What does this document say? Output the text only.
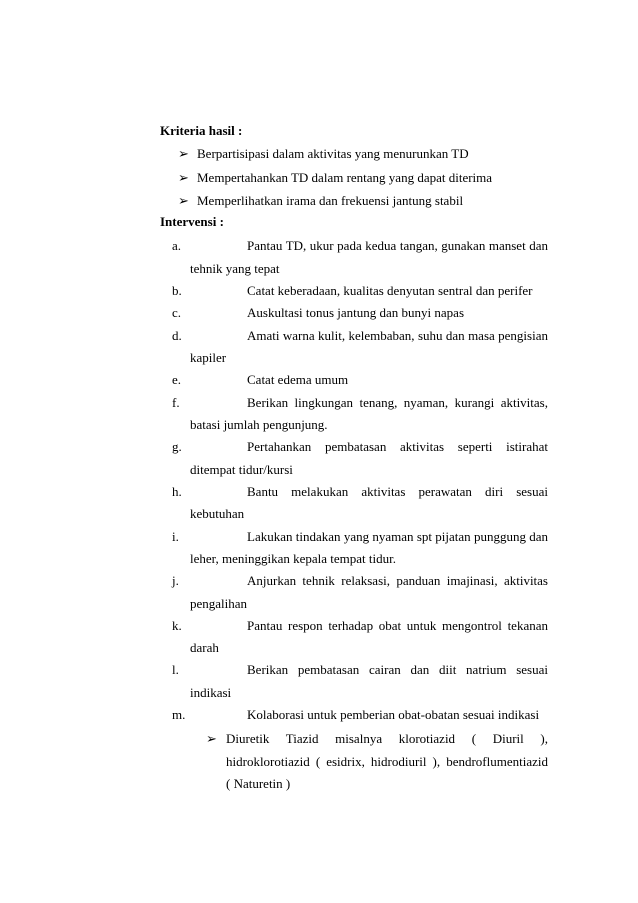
Kriteria hasil :
➢ Berpartisipasi dalam aktivitas yang menurunkan TD
➢ Mempertahankan TD dalam rentang yang dapat diterima
➢ Memperlihatkan irama dan frekuensi jantung stabil
Intervensi :
a.	Pantau TD, ukur pada kedua tangan, gunakan manset dan
tehnik yang tepat
b.	Catat keberadaan, kualitas denyutan sentral dan perifer
c.	Auskultasi tonus jantung dan bunyi napas
d.	Amati warna kulit, kelembaban, suhu dan masa pengisian
kapiler
e.	Catat edema umum
f.	Berikan lingkungan tenang, nyaman, kurangi aktivitas,
batasi jumlah pengunjung.
g.	Pertahankan pembatasan aktivitas seperti istirahat
ditempat tidur/kursi
h.	Bantu melakukan aktivitas perawatan diri sesuai
kebutuhan
i.	Lakukan tindakan yang nyaman spt pijatan punggung dan
leher, meninggikan kepala tempat tidur.
j.	Anjurkan tehnik relaksasi, panduan imajinasi, aktivitas
pengalihan
k.	Pantau respon terhadap obat untuk mengontrol tekanan
darah
l.	Berikan pembatasan cairan dan diit natrium sesuai
indikasi
m.	Kolaborasi untuk pemberian obat-obatan sesuai indikasi
➢ Diuretik Tiazid misalnya klorotiazid ( Diuril ),
hidroklorotiazid ( esidrix, hidrodiuril ), bendroflumentiazid
( Naturetin )
